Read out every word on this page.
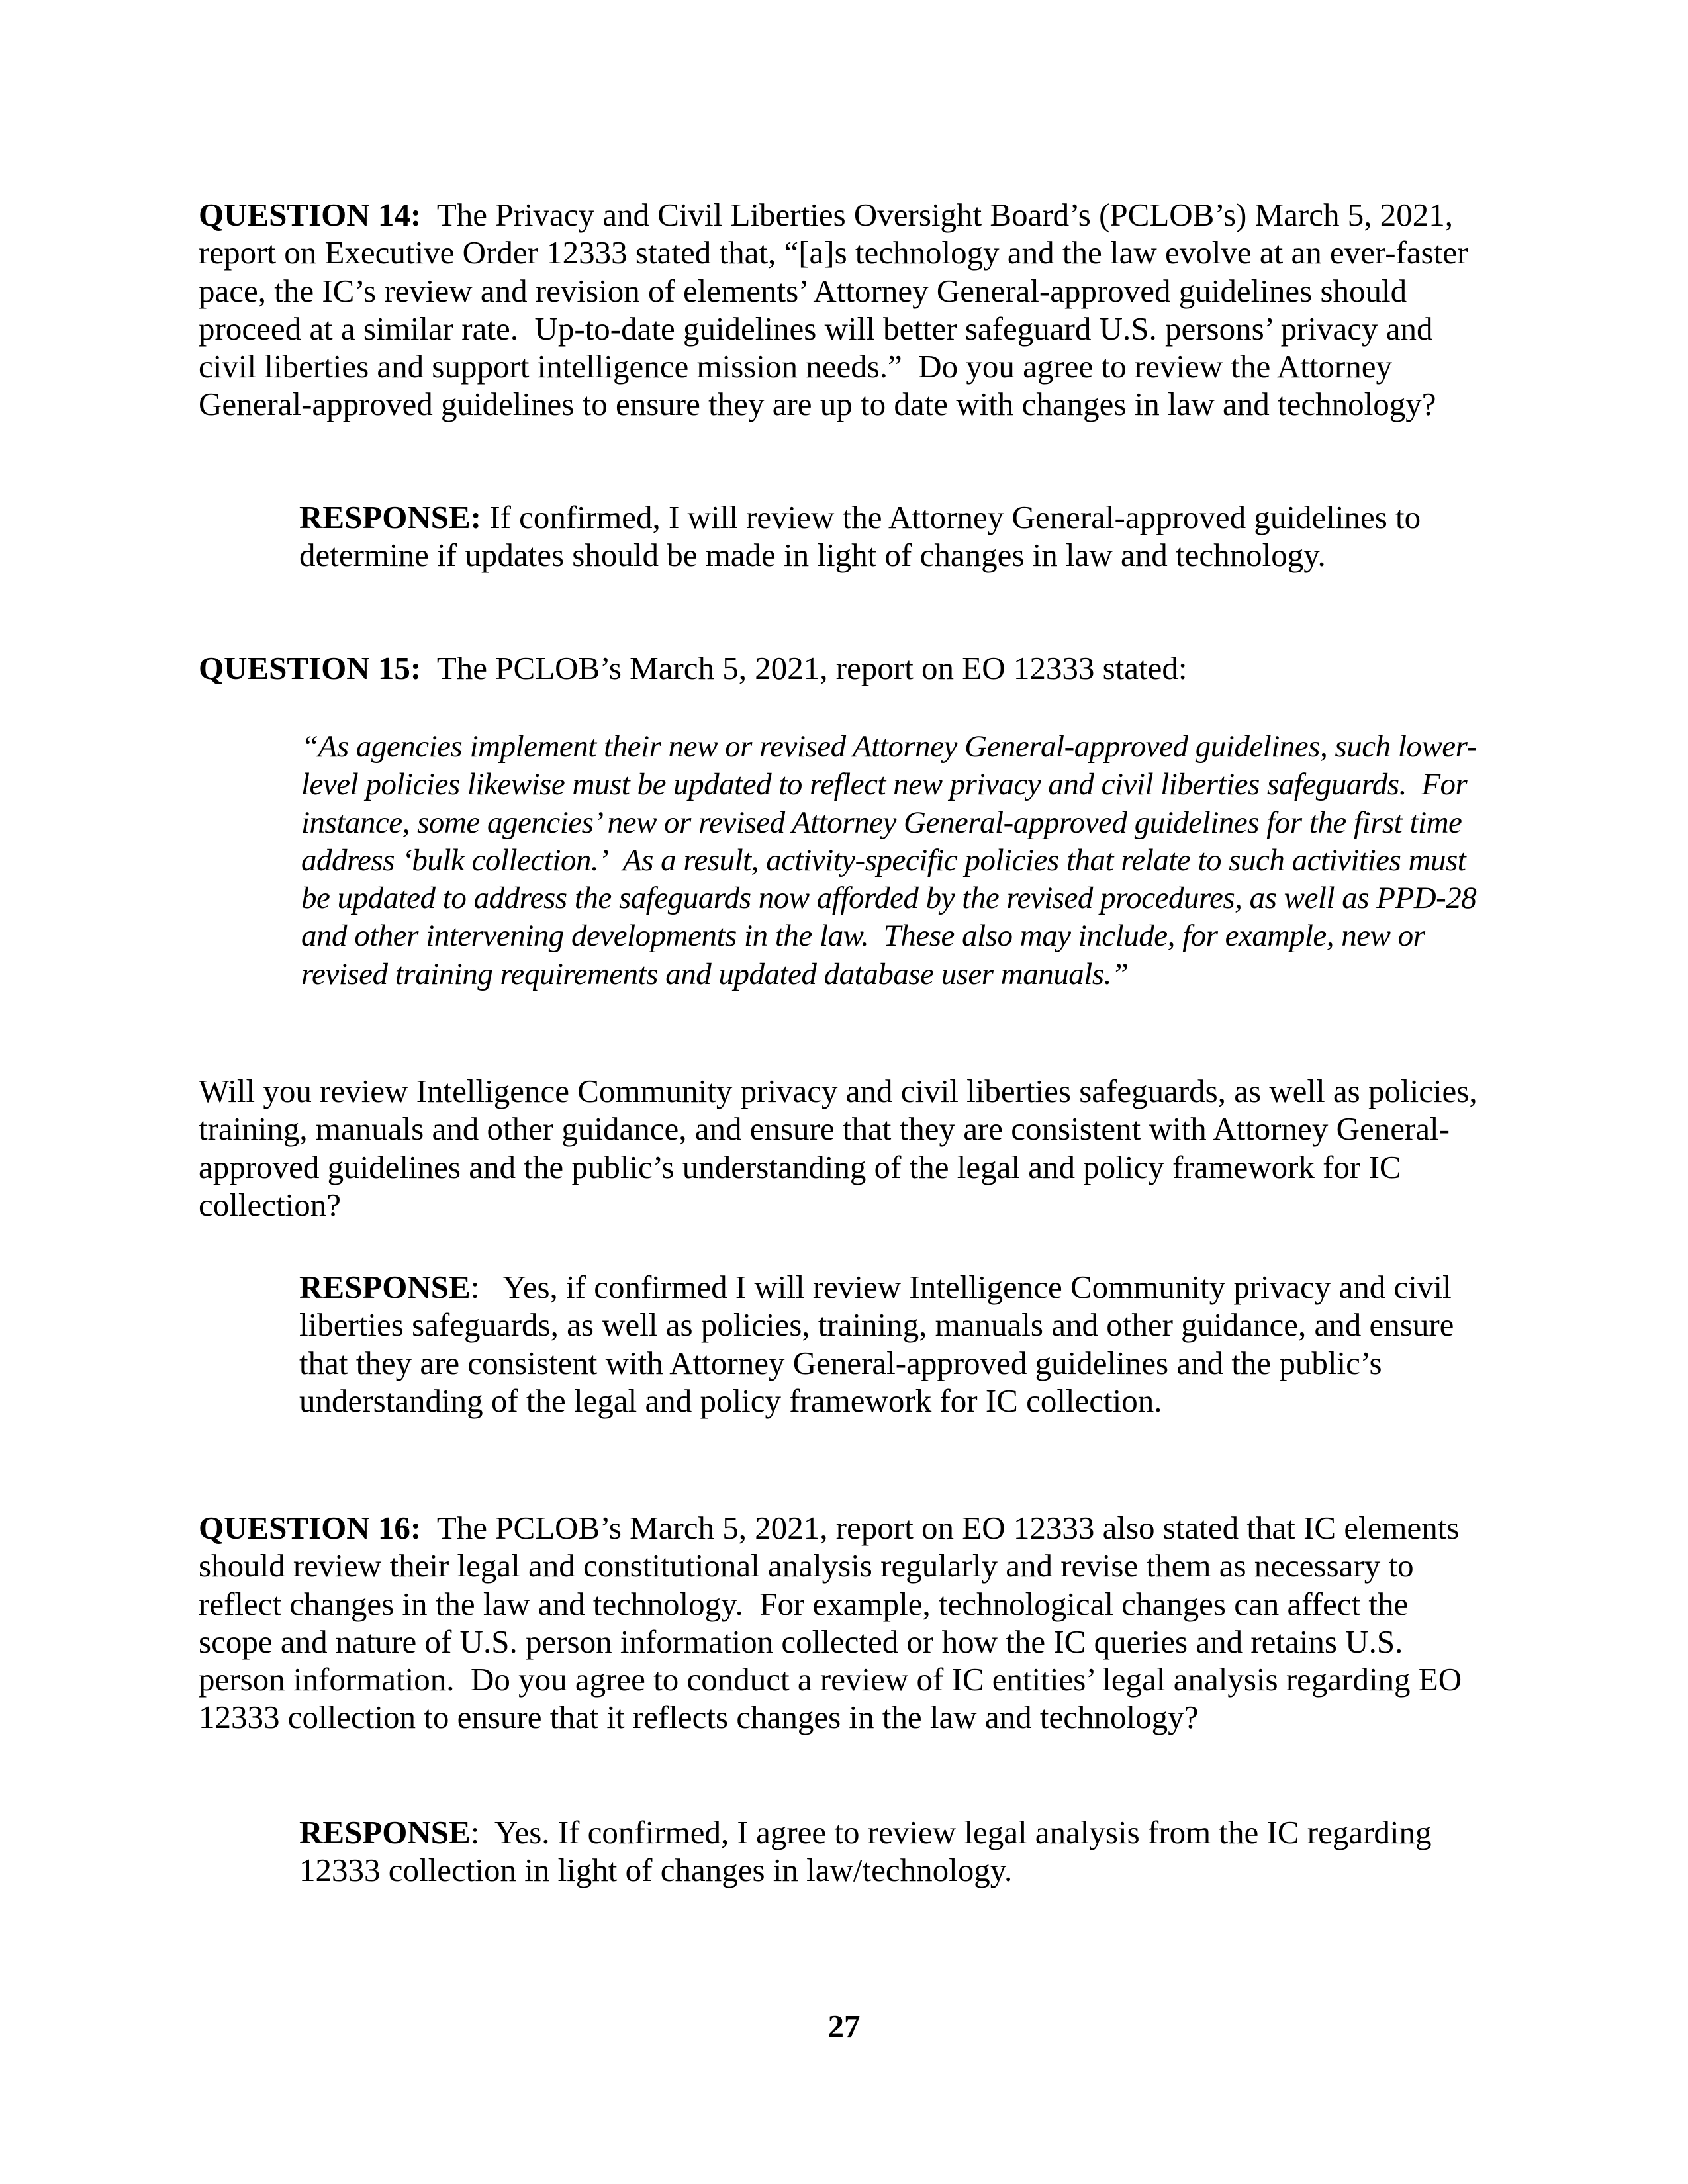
QUESTION 14:  The Privacy and Civil Liberties Oversight Board’s (PCLOB’s) March 5, 2021, report on Executive Order 12333 stated that, “[a]s technology and the law evolve at an ever-faster pace, the IC’s review and revision of elements’ Attorney General-approved guidelines should proceed at a similar rate.  Up-to-date guidelines will better safeguard U.S. persons’ privacy and civil liberties and support intelligence mission needs.”  Do you agree to review the Attorney General-approved guidelines to ensure they are up to date with changes in law and technology?

RESPONSE: If confirmed, I will review the Attorney General-approved guidelines to determine if updates should be made in light of changes in law and technology.

QUESTION 15:  The PCLOB’s March 5, 2021, report on EO 12333 stated:

“As agencies implement their new or revised Attorney General-approved guidelines, such lower-level policies likewise must be updated to reflect new privacy and civil liberties safeguards.  For instance, some agencies’ new or revised Attorney General-approved guidelines for the first time address ‘bulk collection.’  As a result, activity-specific policies that relate to such activities must be updated to address the safeguards now afforded by the revised procedures, as well as PPD-28 and other intervening developments in the law.  These also may include, for example, new or revised training requirements and updated database user manuals.”

Will you review Intelligence Community privacy and civil liberties safeguards, as well as policies, training, manuals and other guidance, and ensure that they are consistent with Attorney General-approved guidelines and the public’s understanding of the legal and policy framework for IC collection?

RESPONSE:   Yes, if confirmed I will review Intelligence Community privacy and civil liberties safeguards, as well as policies, training, manuals and other guidance, and ensure that they are consistent with Attorney General-approved guidelines and the public’s understanding of the legal and policy framework for IC collection.

QUESTION 16:  The PCLOB’s March 5, 2021, report on EO 12333 also stated that IC elements should review their legal and constitutional analysis regularly and revise them as necessary to reflect changes in the law and technology.  For example, technological changes can affect the scope and nature of U.S. person information collected or how the IC queries and retains U.S. person information.  Do you agree to conduct a review of IC entities’ legal analysis regarding EO 12333 collection to ensure that it reflects changes in the law and technology?

RESPONSE:  Yes. If confirmed, I agree to review legal analysis from the IC regarding 12333 collection in light of changes in law/technology.

27
